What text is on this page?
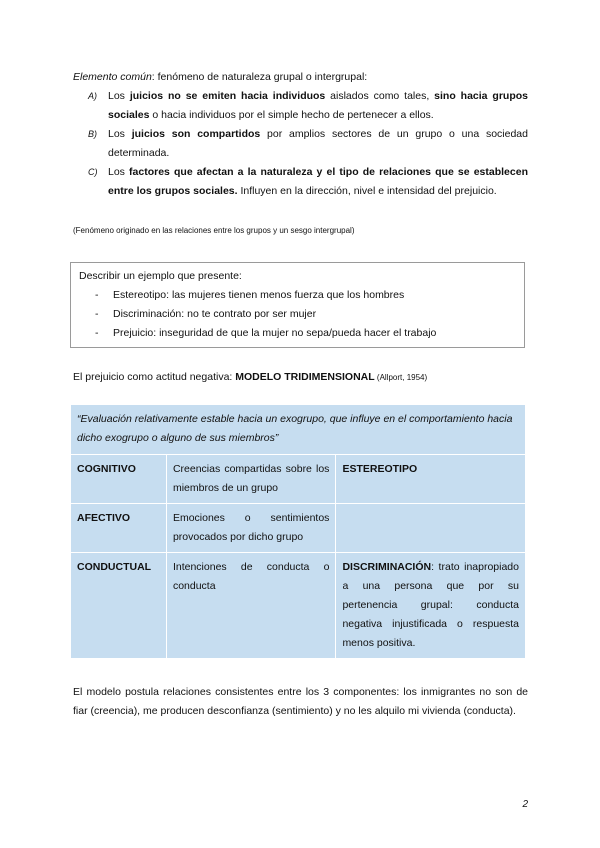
Elemento común: fenómeno de naturaleza grupal o intergrupal:

A) Los juicios no se emiten hacia individuos aislados como tales, sino hacia grupos sociales o hacia individuos por el simple hecho de pertenecer a ellos.
B) Los juicios son compartidos por amplios sectores de un grupo o una sociedad determinada.
C) Los factores que afectan a la naturaleza y el tipo de relaciones que se establecen entre los grupos sociales. Influyen en la dirección, nivel e intensidad del prejuicio.

(Fenómeno originado en las relaciones entre los grupos y un sesgo intergrupal)

Describir un ejemplo que presente:
- Estereotipo: las mujeres tienen menos fuerza que los hombres
- Discriminación: no te contrato por ser mujer
- Prejuicio: inseguridad de que la mujer no sepa/pueda hacer el trabajo

El prejuicio como actitud negativa: MODELO TRIDIMENSIONAL (Allport, 1954)

“Evaluación relativamente estable hacia un exogrupo, que influye en el comportamiento hacia dicho exogrupo o alguno de sus miembros”		
COGNITIVO	Creencias compartidas sobre los miembros de un grupo	ESTEREOTIPO
AFECTIVO	Emociones o sentimientos provocados por dicho grupo	
CONDUCTUAL	Intenciones de conducta o conducta	DISCRIMINACIÓN: trato inapropiado a una persona que por su pertenencia grupal: conducta negativa injustificada o respuesta menos positiva.

El modelo postula relaciones consistentes entre los 3 componentes: los inmigrantes no son de fiar (creencia), me producen desconfianza (sentimiento) y no les alquilo mi vivienda (conducta).

2
